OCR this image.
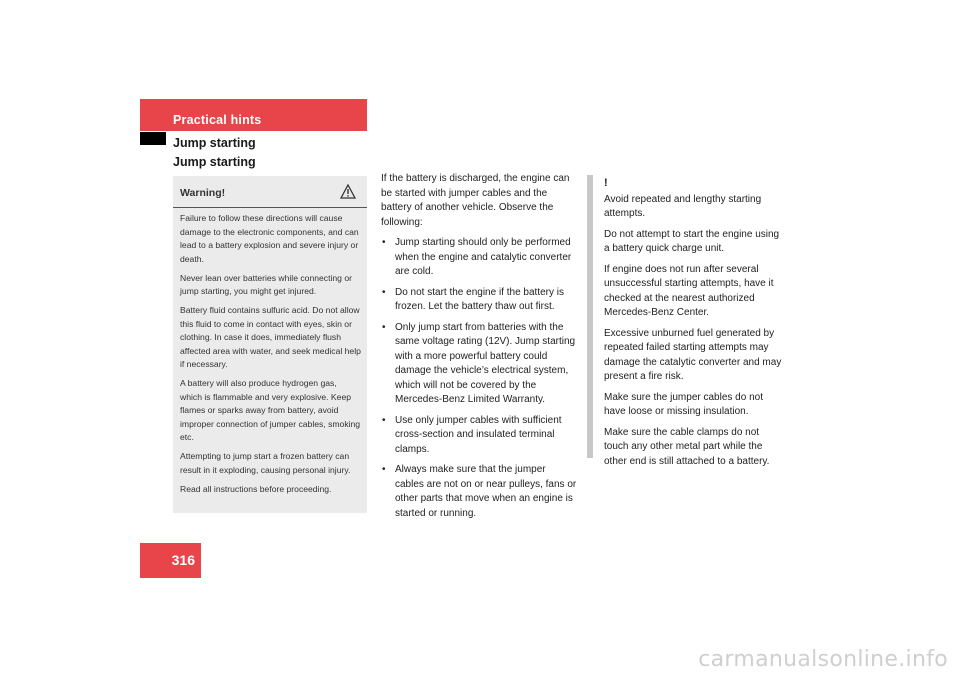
Practical hints
Jump starting
Jump starting
Warning!

Failure to follow these directions will cause damage to the electronic components, and can lead to a battery explosion and severe injury or death.

Never lean over batteries while connecting or jump starting, you might get injured.

Battery fluid contains sulfuric acid. Do not allow this fluid to come in contact with eyes, skin or clothing. In case it does, immediately flush affected area with water, and seek medical help if necessary.

A battery will also produce hydrogen gas, which is flammable and very explosive. Keep flames or sparks away from battery, avoid improper connection of jumper cables, smoking etc.

Attempting to jump start a frozen battery can result in it exploding, causing personal injury.

Read all instructions before proceeding.

If the battery is discharged, the engine can be started with jumper cables and the battery of another vehicle. Observe the following:

• Jump starting should only be performed when the engine and catalytic converter are cold.
• Do not start the engine if the battery is frozen. Let the battery thaw out first.
• Only jump start from batteries with the same voltage rating (12V). Jump starting with a more powerful battery could damage the vehicle’s electrical system, which will not be covered by the Mercedes-Benz Limited Warranty.
• Use only jumper cables with sufficient cross-section and insulated terminal clamps.
• Always make sure that the jumper cables are not on or near pulleys, fans or other parts that move when an engine is started or running.
!

Avoid repeated and lengthy starting attempts.

Do not attempt to start the engine using a battery quick charge unit.

If engine does not run after several unsuccessful starting attempts, have it checked at the nearest authorized Mercedes-Benz Center.

Excessive unburned fuel generated by repeated failed starting attempts may damage the catalytic converter and may present a fire risk.

Make sure the jumper cables do not have loose or missing insulation.

Make sure the cable clamps do not touch any other metal part while the other end is still attached to a battery.

316
carmanualsonline.info
